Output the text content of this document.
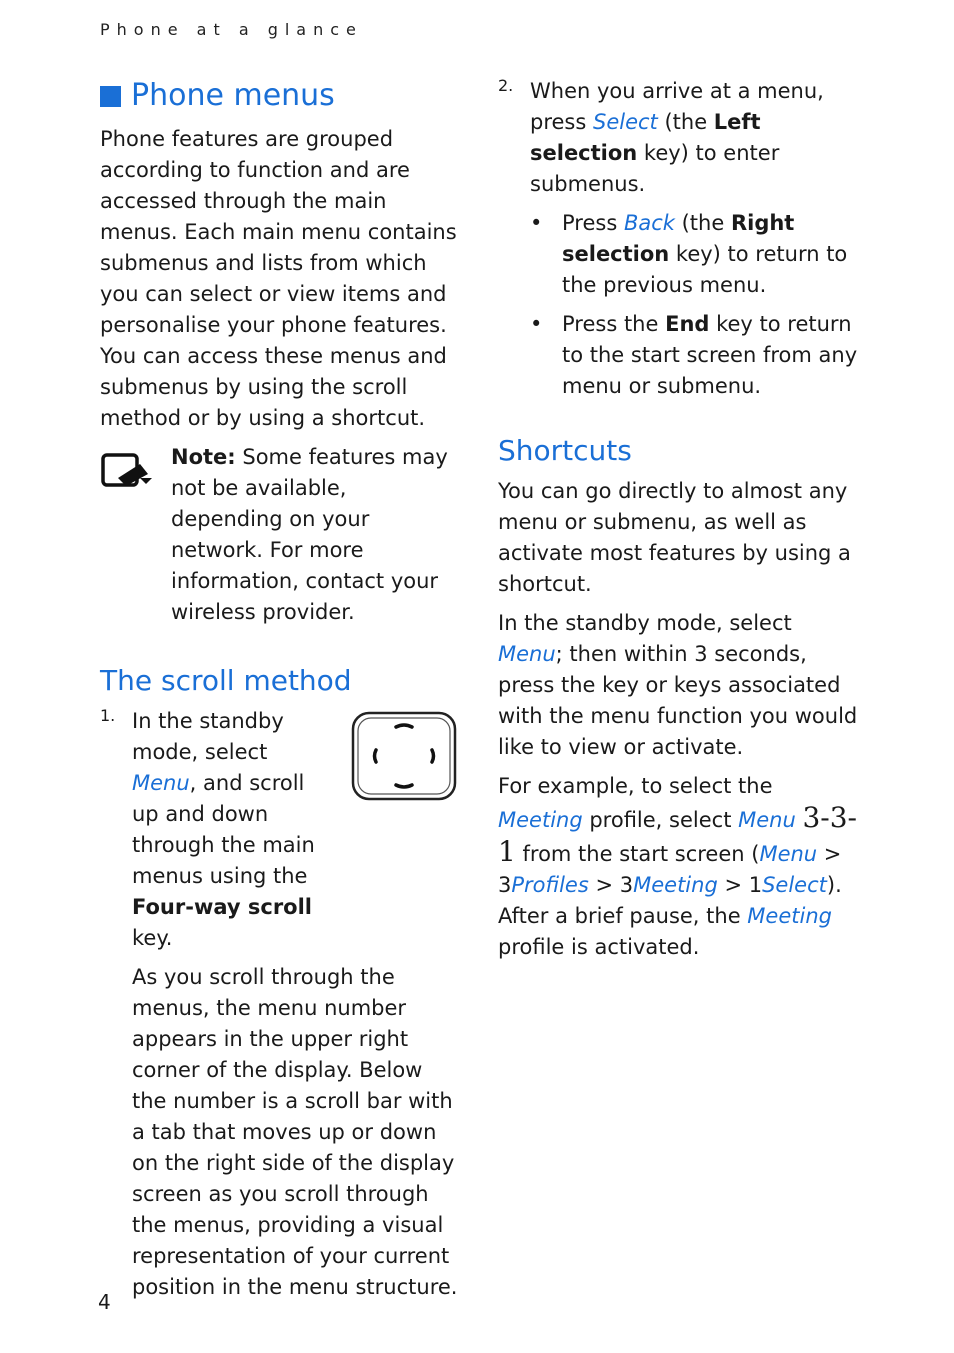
Phone at a glance
Phone menus

Phone features are grouped according to function and are accessed through the main menus. Each main menu contains submenus and lists from which you can select or view items and personalise your phone features. You can access these menus and submenus by using the scroll method or by using a shortcut.

Note: Some features may not be available, depending on your network. For more information, contact your wireless provider.

The scroll method
1. In the standby mode, select Menu, and scroll up and down through the main menus using the Four-way scroll key.

As you scroll through the menus, the menu number appears in the upper right corner of the display. Below the number is a scroll bar with a tab that moves up or down on the right side of the display screen as you scroll through the menus, providing a visual representation of your current position in the menu structure.

2. When you arrive at a menu, press Select (the Left selection key) to enter submenus.

• Press Back (the Right selection key) to return to the previous menu.

• Press the End key to return to the start screen from any menu or submenu.

Shortcuts

You can go directly to almost any menu or submenu, as well as activate most features by using a shortcut.

In the standby mode, select Menu; then within 3 seconds, press the key or keys associated with the menu function you would like to view or activate.

For example, to select the Meeting profile, select Menu 3-3-1 from the start screen (Menu > 3Profiles > 3Meeting > 1Select). After a brief pause, the Meeting profile is activated.

4
